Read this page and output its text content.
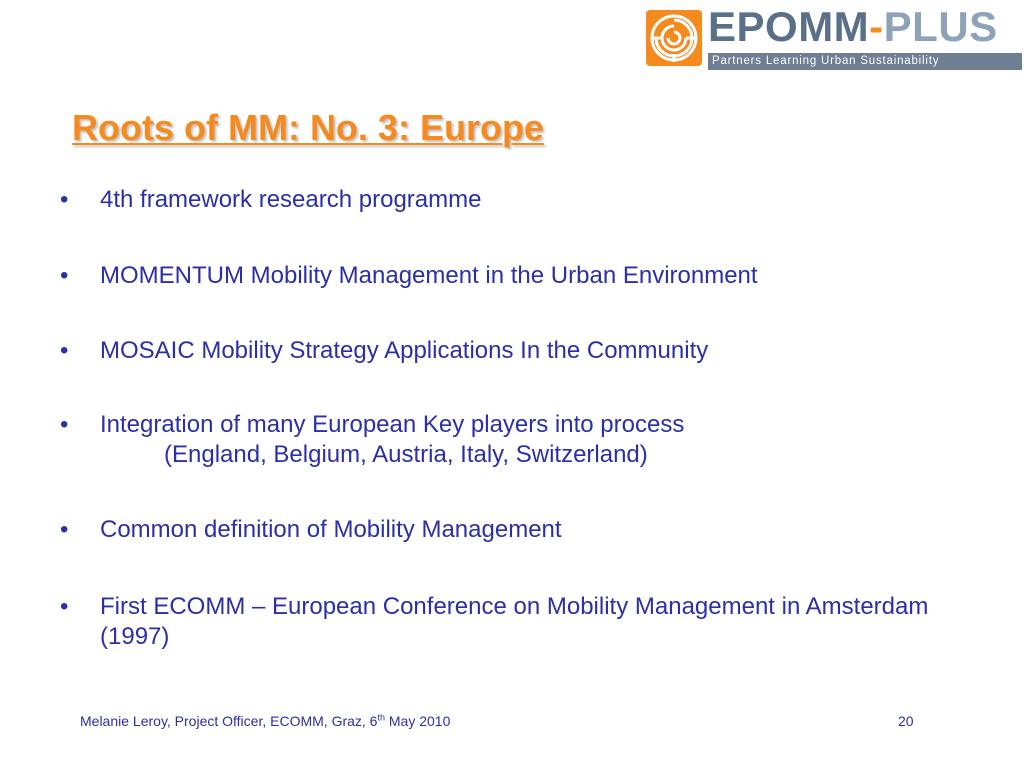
EPOMM-PLUS
Partners Learning Urban Sustainability
Roots of MM: No. 3: Europe
•	4th framework research programme
•	MOMENTUM Mobility Management in the Urban Environment
•	MOSAIC Mobility Strategy Applications In the Community
•	Integration of many European Key players into process
(England, Belgium, Austria, Italy, Switzerland)
•	Common definition of Mobility Management
•	First ECOMM – European Conference on Mobility Management in Amsterdam (1997)
Melanie Leroy, Project Officer, ECOMM, Graz, 6th May 2010	20
